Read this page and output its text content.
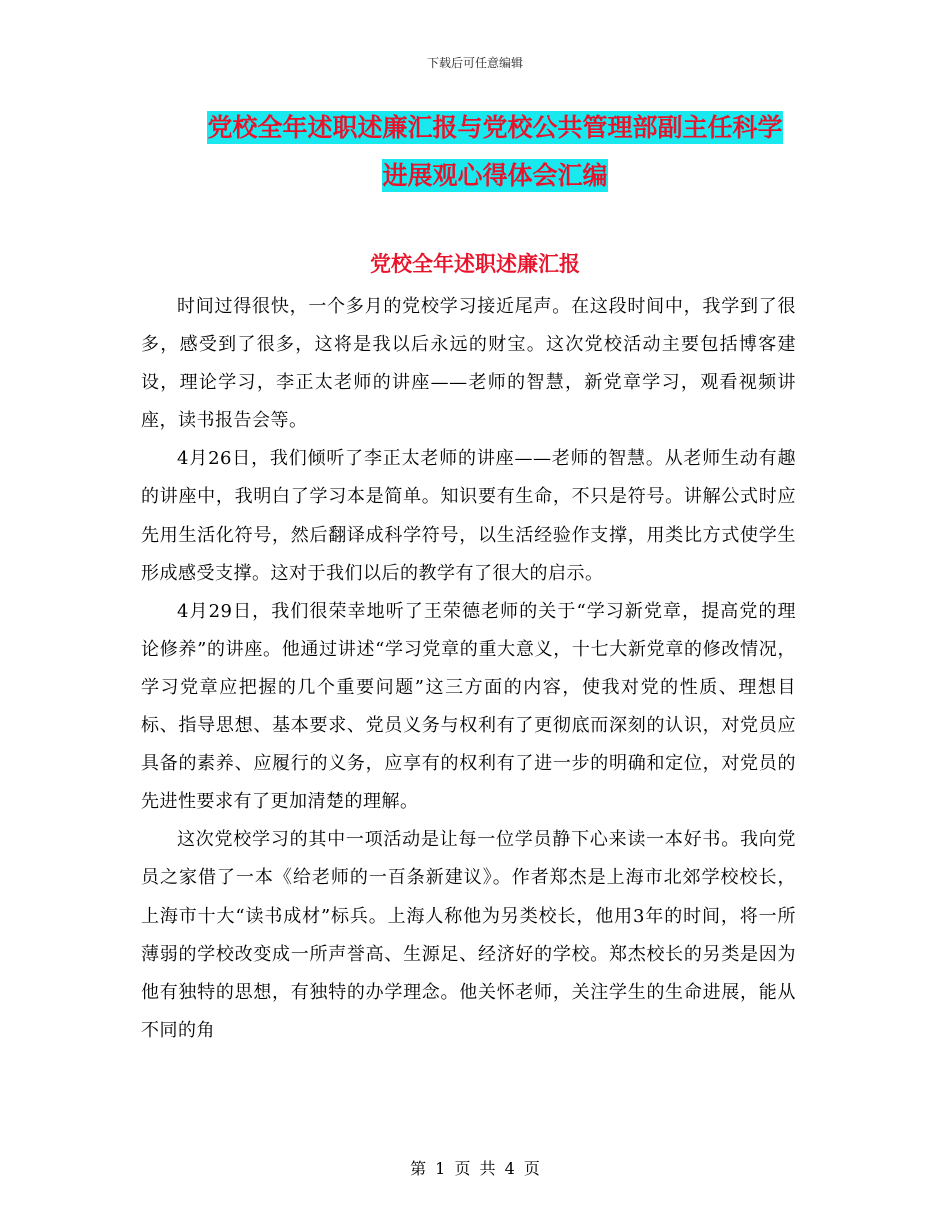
下载后可任意编辑
党校全年述职述廉汇报与党校公共管理部副主任科学
进展观心得体会汇编
党校全年述职述廉汇报

时间过得很快，一个多月的党校学习接近尾声。在这段时间中，我学到了很多，感受到了很多，这将是我以后永远的财宝。这次党校活动主要包括博客建设，理论学习，李正太老师的讲座——老师的智慧，新党章学习，观看视频讲座，读书报告会等。

4月26日，我们倾听了李正太老师的讲座——老师的智慧。从老师生动有趣的讲座中，我明白了学习本是简单。知识要有生命，不只是符号。讲解公式时应先用生活化符号，然后翻译成科学符号，以生活经验作支撑，用类比方式使学生形成感受支撑。这对于我们以后的教学有了很大的启示。

4月29日，我们很荣幸地听了王荣德老师的关于“学习新党章，提高党的理论修养”的讲座。他通过讲述“学习党章的重大意义，十七大新党章的修改情况，学习党章应把握的几个重要问题”这三方面的内容，使我对党的性质、理想目标、指导思想、基本要求、党员义务与权利有了更彻底而深刻的认识，对党员应具备的素养、应履行的义务，应享有的权利有了进一步的明确和定位，对党员的先进性要求有了更加清楚的理解。

这次党校学习的其中一项活动是让每一位学员静下心来读一本好书。我向党员之家借了一本《给老师的一百条新建议》。作者郑杰是上海市北郊学校校长，上海市十大“读书成材”标兵。上海人称他为另类校长，他用3年的时间，将一所薄弱的学校改变成一所声誉高、生源足、经济好的学校。郑杰校长的另类是因为他有独特的思想，有独特的办学理念。他关怀老师，关注学生的生命进展，能从不同的角

第 1 页 共 4 页
